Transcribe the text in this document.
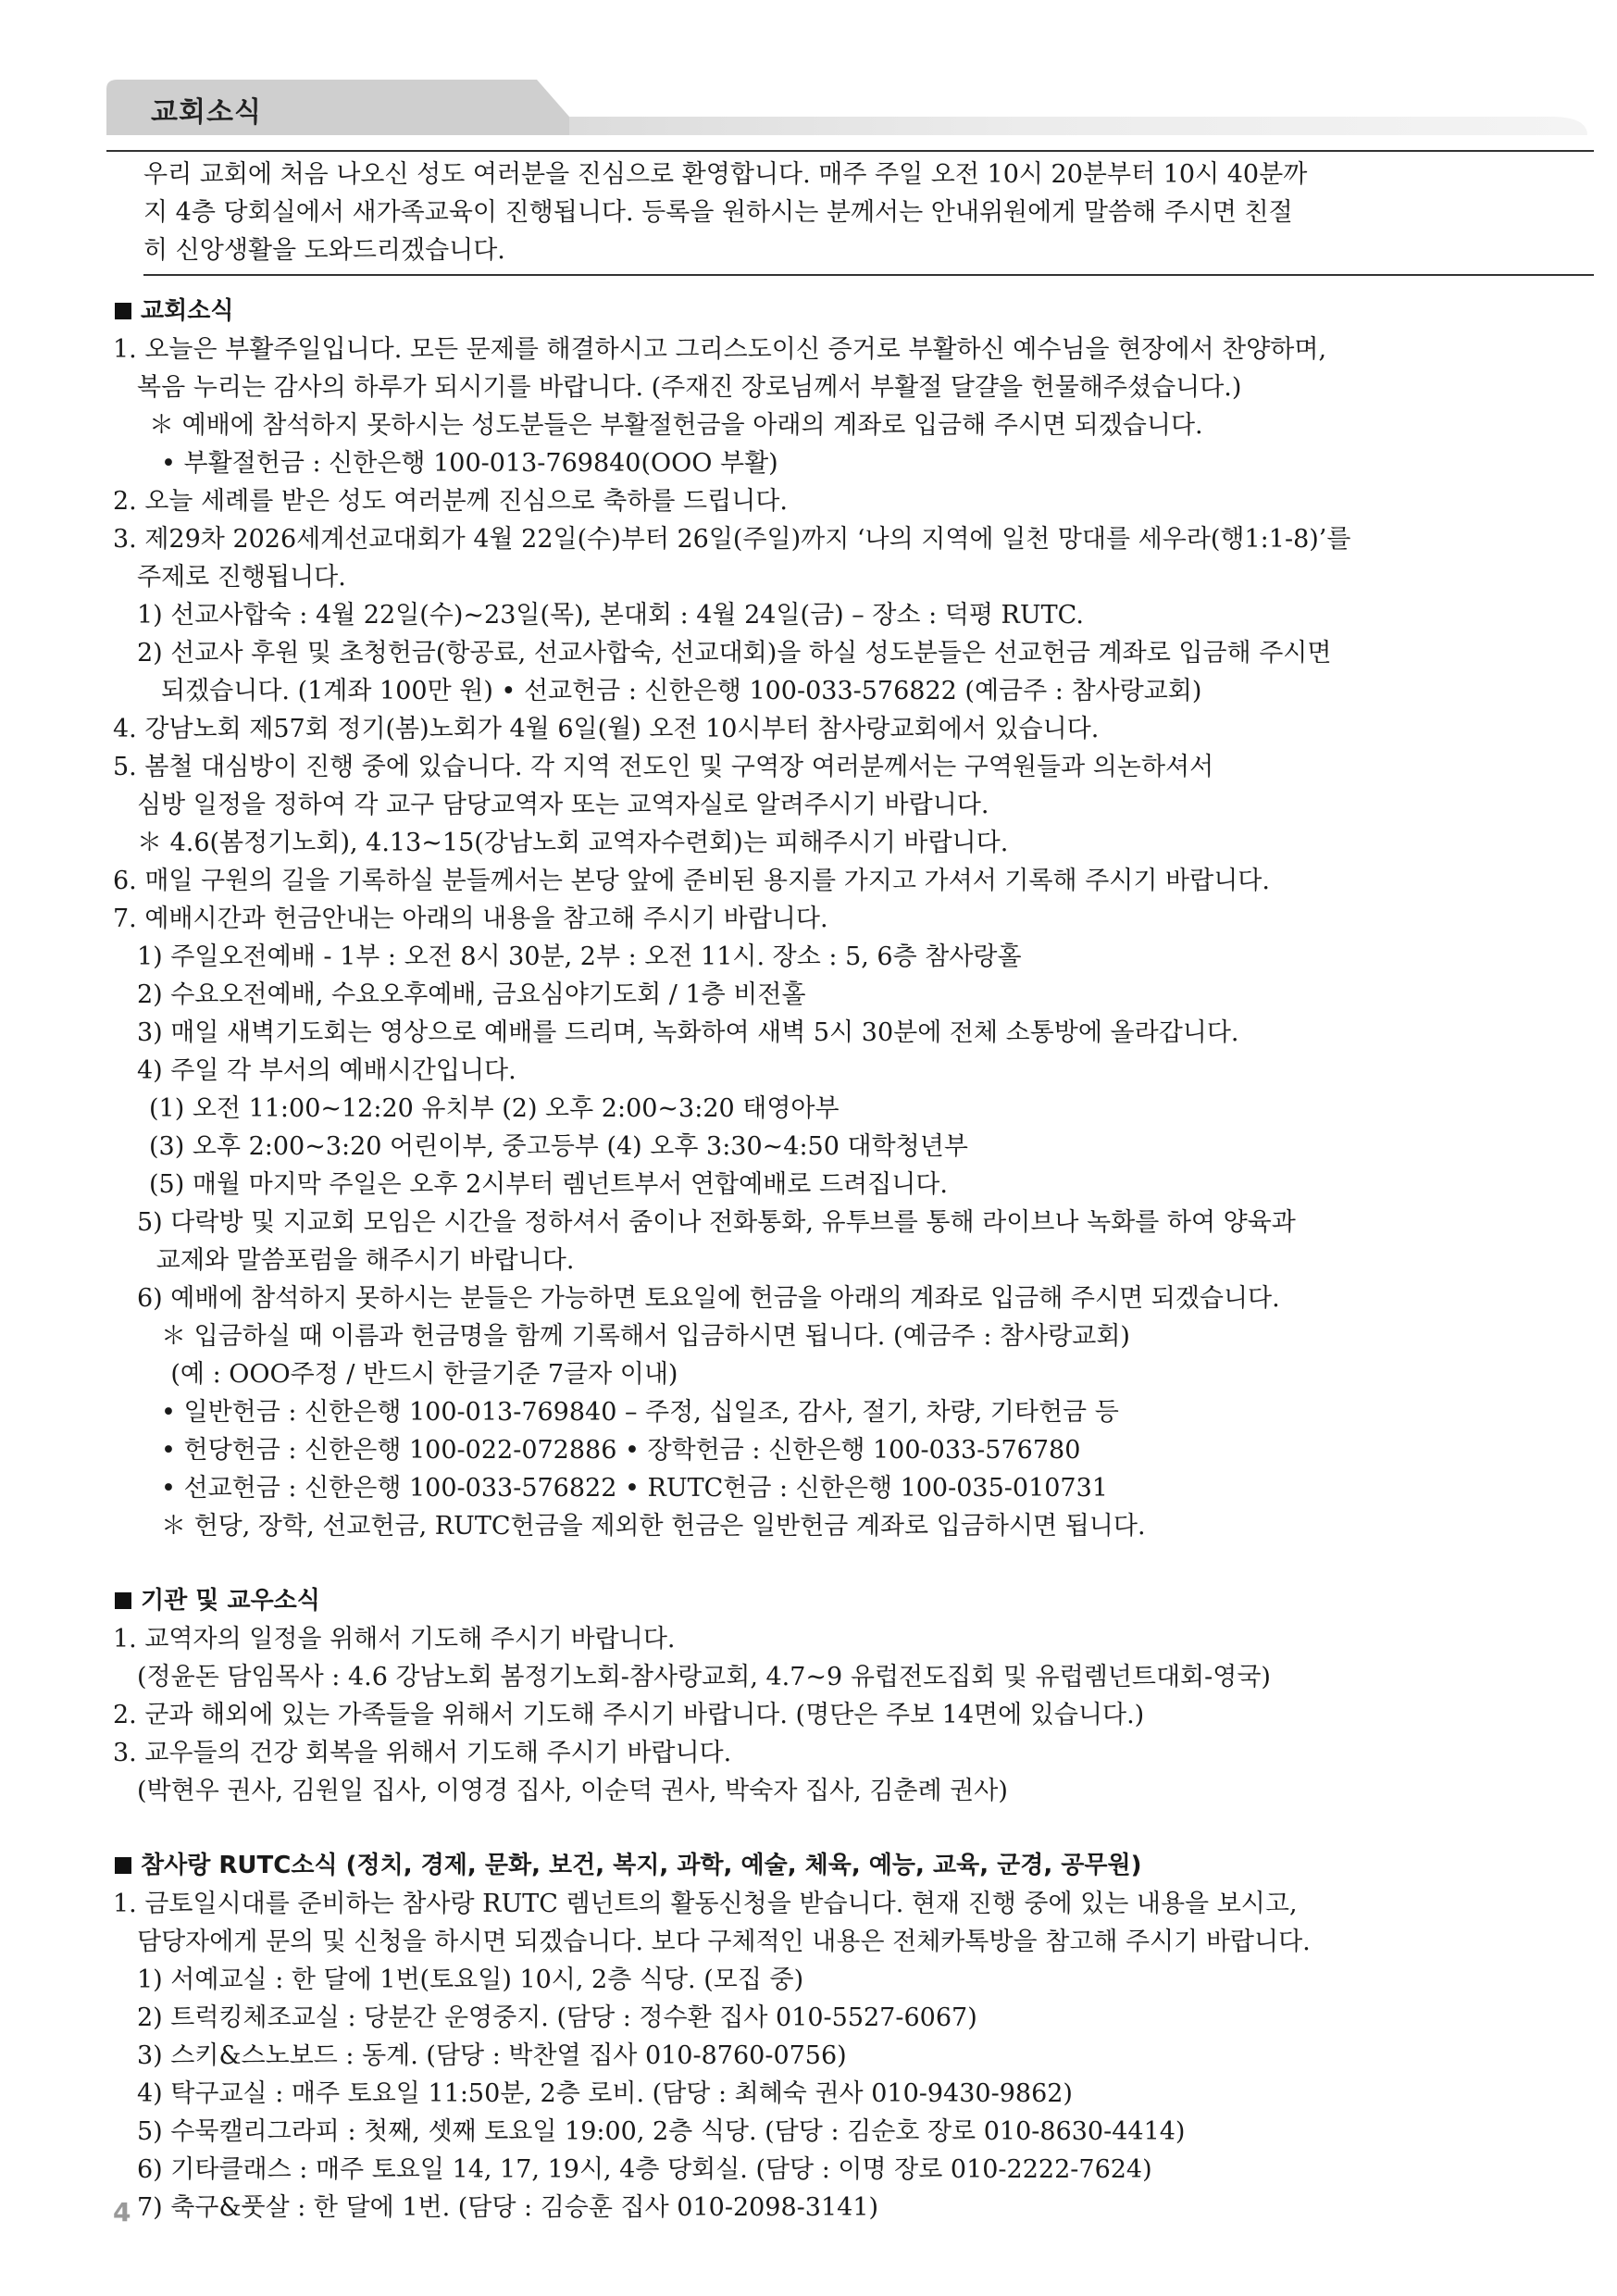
교회소식
우리 교회에 처음 나오신 성도 여러분을 진심으로 환영합니다. 매주 주일 오전 10시 20분부터 10시 40분까
지 4층 당회실에서 새가족교육이 진행됩니다. 등록을 원하시는 분께서는 안내위원에게 말씀해 주시면 친절
히 신앙생활을 도와드리겠습니다.
교회소식
1. 오늘은 부활주일입니다. 모든 문제를 해결하시고 그리스도이신 증거로 부활하신 예수님을 현장에서 찬양하며,
복음 누리는 감사의 하루가 되시기를 바랍니다. (주재진 장로님께서 부활절 달걀을 헌물해주셨습니다.)
＊ 예배에 참석하지 못하시는 성도분들은 부활절헌금을 아래의 계좌로 입금해 주시면 되겠습니다.
• 부활절헌금 : 신한은행 100-013-769840(OOO 부활)
2. 오늘 세례를 받은 성도 여러분께 진심으로 축하를 드립니다.
3. 제29차 2026세계선교대회가 4월 22일(수)부터 26일(주일)까지 ‘나의 지역에 일천 망대를 세우라(행1:1-8)’를
주제로 진행됩니다.
1) 선교사합숙 : 4월 22일(수)~23일(목), 본대회 : 4월 24일(금) – 장소 : 덕평 RUTC.
2) 선교사 후원 및 초청헌금(항공료, 선교사합숙, 선교대회)을 하실 성도분들은 선교헌금 계좌로 입금해 주시면
되겠습니다. (1계좌 100만 원) • 선교헌금 : 신한은행 100-033-576822 (예금주 : 참사랑교회)
4. 강남노회 제57회 정기(봄)노회가 4월 6일(월) 오전 10시부터 참사랑교회에서 있습니다.
5. 봄철 대심방이 진행 중에 있습니다. 각 지역 전도인 및 구역장 여러분께서는 구역원들과 의논하셔서
심방 일정을 정하여 각 교구 담당교역자 또는 교역자실로 알려주시기 바랍니다.
＊ 4.6(봄정기노회), 4.13~15(강남노회 교역자수련회)는 피해주시기 바랍니다.
6. 매일 구원의 길을 기록하실 분들께서는 본당 앞에 준비된 용지를 가지고 가셔서 기록해 주시기 바랍니다.
7. 예배시간과 헌금안내는 아래의 내용을 참고해 주시기 바랍니다.
1) 주일오전예배 - 1부 : 오전 8시 30분, 2부 : 오전 11시. 장소 : 5, 6층 참사랑홀
2) 수요오전예배, 수요오후예배, 금요심야기도회 / 1층 비전홀
3) 매일 새벽기도회는 영상으로 예배를 드리며, 녹화하여 새벽 5시 30분에 전체 소통방에 올라갑니다.
4) 주일 각 부서의 예배시간입니다.
(1) 오전 11:00~12:20 유치부 (2) 오후 2:00~3:20 태영아부
(3) 오후 2:00~3:20 어린이부, 중고등부 (4) 오후 3:30~4:50 대학청년부
(5) 매월 마지막 주일은 오후 2시부터 렘넌트부서 연합예배로 드려집니다.
5) 다락방 및 지교회 모임은 시간을 정하셔서 줌이나 전화통화, 유투브를 통해 라이브나 녹화를 하여 양육과
교제와 말씀포럼을 해주시기 바랍니다.
6) 예배에 참석하지 못하시는 분들은 가능하면 토요일에 헌금을 아래의 계좌로 입금해 주시면 되겠습니다.
＊ 입금하실 때 이름과 헌금명을 함께 기록해서 입금하시면 됩니다. (예금주 : 참사랑교회)
(예 : OOO주정 / 반드시 한글기준 7글자 이내)
• 일반헌금 : 신한은행 100-013-769840 – 주정, 십일조, 감사, 절기, 차량, 기타헌금 등
• 헌당헌금 : 신한은행 100-022-072886 • 장학헌금 : 신한은행 100-033-576780
• 선교헌금 : 신한은행 100-033-576822 • RUTC헌금 : 신한은행 100-035-010731
＊ 헌당, 장학, 선교헌금, RUTC헌금을 제외한 헌금은 일반헌금 계좌로 입금하시면 됩니다.
기관 및 교우소식
1. 교역자의 일정을 위해서 기도해 주시기 바랍니다.
(정윤돈 담임목사 : 4.6 강남노회 봄정기노회-참사랑교회, 4.7~9 유럽전도집회 및 유럽렘넌트대회-영국)
2. 군과 해외에 있는 가족들을 위해서 기도해 주시기 바랍니다. (명단은 주보 14면에 있습니다.)
3. 교우들의 건강 회복을 위해서 기도해 주시기 바랍니다.
(박현우 권사, 김원일 집사, 이영경 집사, 이순덕 권사, 박숙자 집사, 김춘례 권사)
참사랑 RUTC소식 (정치, 경제, 문화, 보건, 복지, 과학, 예술, 체육, 예능, 교육, 군경, 공무원)
1. 금토일시대를 준비하는 참사랑 RUTC 렘넌트의 활동신청을 받습니다. 현재 진행 중에 있는 내용을 보시고,
담당자에게 문의 및 신청을 하시면 되겠습니다. 보다 구체적인 내용은 전체카톡방을 참고해 주시기 바랍니다.
1) 서예교실 : 한 달에 1번(토요일) 10시, 2층 식당. (모집 중)
2) 트럭킹체조교실 : 당분간 운영중지. (담당 : 정수환 집사 010-5527-6067)
3) 스키&스노보드 : 동계. (담당 : 박찬열 집사 010-8760-0756)
4) 탁구교실 : 매주 토요일 11:50분, 2층 로비. (담당 : 최혜숙 권사 010-9430-9862)
5) 수묵캘리그라피 : 첫째, 셋째 토요일 19:00, 2층 식당. (담당 : 김순호 장로 010-8630-4414)
6) 기타클래스 : 매주 토요일 14, 17, 19시, 4층 당회실. (담당 : 이명 장로 010-2222-7624)
7) 축구&풋살 : 한 달에 1번. (담당 : 김승훈 집사 010-2098-3141)
4
